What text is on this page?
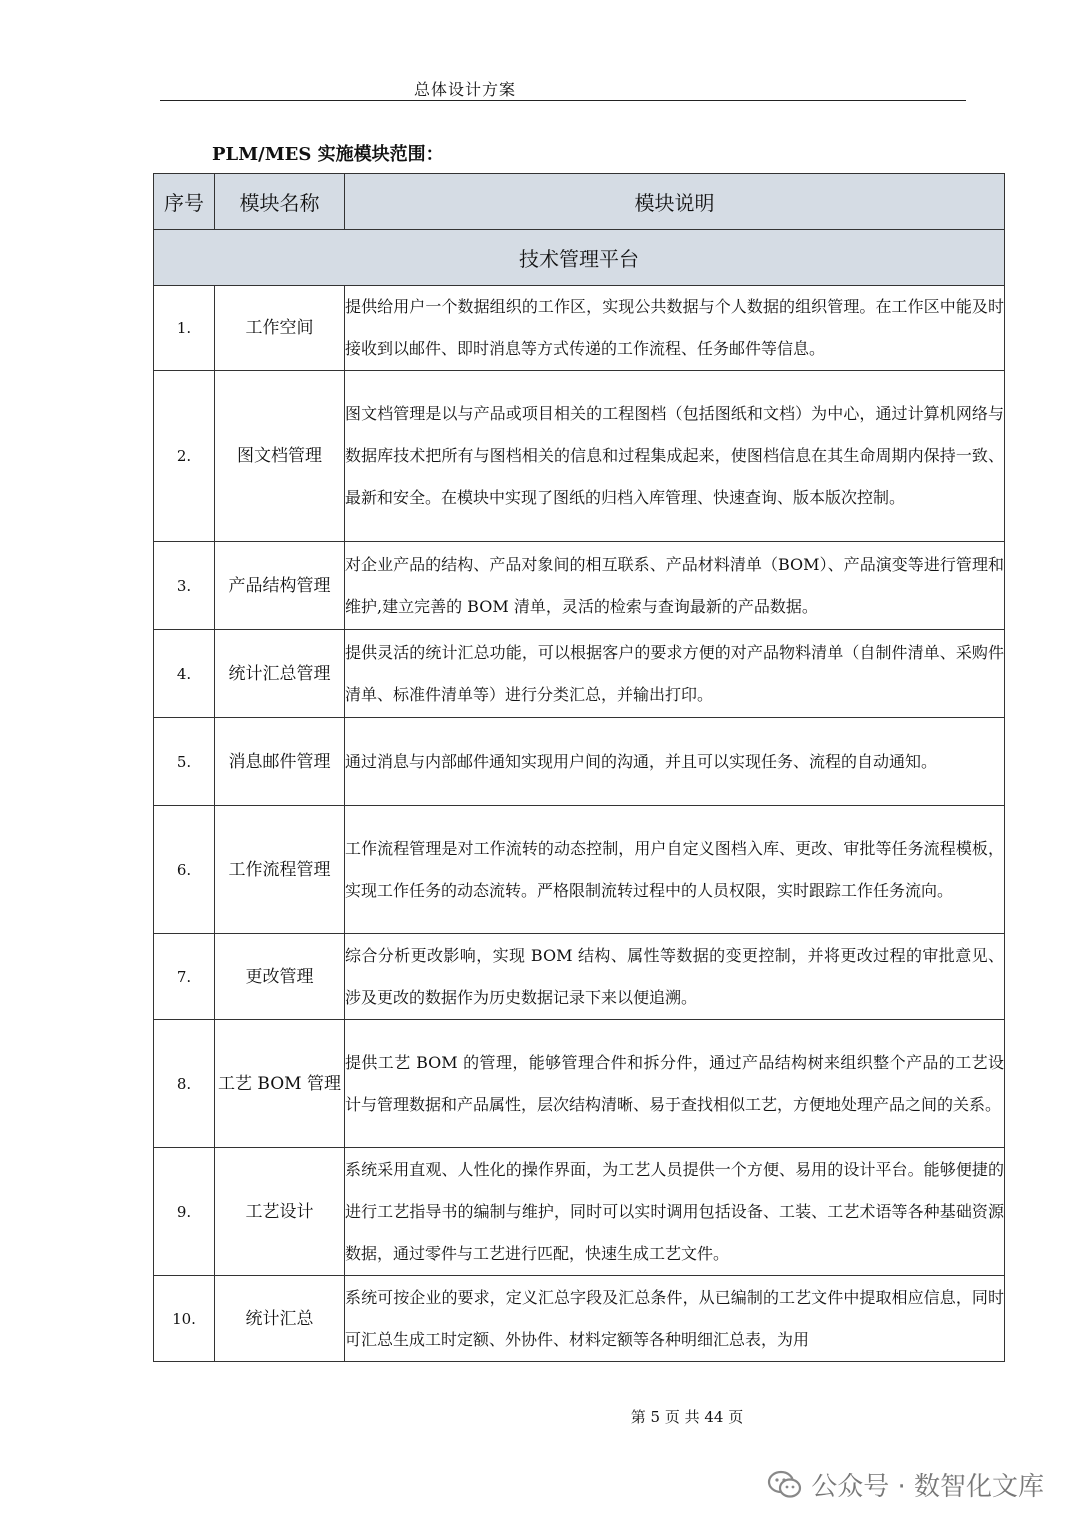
总体设计方案
PLM/MES 实施模块范围：
序号	模块名称	模块说明
技术管理平台		
1.	工作空间	提供给用户一个数据组织的工作区，实现公共数据与个人数据的组织管理。在工作区中能及时接收到以邮件、即时消息等方式传递的工作流程、任务邮件等信息。
2.	图文档管理	图文档管理是以与产品或项目相关的工程图档（包括图纸和文档）为中心，通过计算机网络与数据库技术把所有与图档相关的信息和过程集成起来，使图档信息在其生命周期内保持一致、最新和安全。在模块中实现了图纸的归档入库管理、快速查询、版本版次控制。
3.	产品结构管理	对企业产品的结构、产品对象间的相互联系、产品材料清单（BOM）、产品演变等进行管理和维护,建立完善的 BOM 清单，灵活的检索与查询最新的产品数据。
4.	统计汇总管理	提供灵活的统计汇总功能，可以根据客户的要求方便的对产品物料清单（自制件清单、采购件清单、标准件清单等）进行分类汇总，并输出打印。
5.	消息邮件管理	通过消息与内部邮件通知实现用户间的沟通，并且可以实现任务、流程的自动通知。
6.	工作流程管理	工作流程管理是对工作流转的动态控制，用户自定义图档入库、更改、审批等任务流程模板，实现工作任务的动态流转。严格限制流转过程中的人员权限，实时跟踪工作任务流向。
7.	更改管理	综合分析更改影响，实现 BOM 结构、属性等数据的变更控制，并将更改过程的审批意见、涉及更改的数据作为历史数据记录下来以便追溯。
8.	工艺 BOM 管理	提供工艺 BOM 的管理，能够管理合件和拆分件，通过产品结构树来组织整个产品的工艺设计与管理数据和产品属性，层次结构清晰、易于查找相似工艺，方便地处理产品之间的关系。
9.	工艺设计	系统采用直观、人性化的操作界面，为工艺人员提供一个方便、易用的设计平台。能够便捷的进行工艺指导书的编制与维护，同时可以实时调用包括设备、工装、工艺术语等各种基础资源数据，通过零件与工艺进行匹配，快速生成工艺文件。
10.	统计汇总	系统可按企业的要求，定义汇总字段及汇总条件，从已编制的工艺文件中提取相应信息，同时可汇总生成工时定额、外协件、材料定额等各种明细汇总表，为用
第 5 页 共 44 页
公众号 · 数智化文库
